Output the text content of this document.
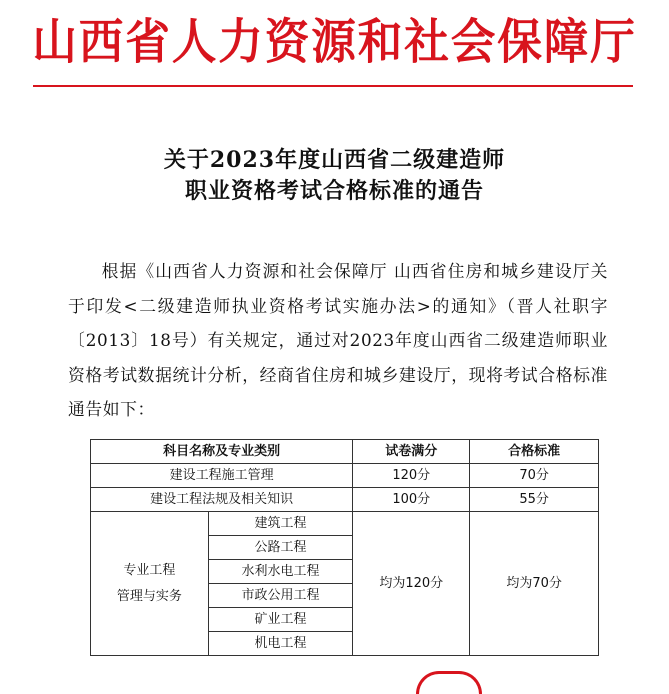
山西省人力资源和社会保障厅
关于2023年度山西省二级建造师
职业资格考试合格标准的通告

根据《山西省人力资源和社会保障厅 山西省住房和城乡建设厅关于印发<二级建造师执业资格考试实施办法>的通知》（晋人社职字〔2013〕18号）有关规定，通过对2023年度山西省二级建造师职业资格考试数据统计分析，经商省住房和城乡建设厅，现将考试合格标准通告如下：

科目名称及专业类别		试卷满分	合格标准
建设工程施工管理		120分	70分
建设工程法规及相关知识		100分	55分

专业工程
管理与实务	建筑工程	均为120分	均为70分
	公路工程		
	水利水电工程		
	市政公用工程		
	矿业工程		
	机电工程		
